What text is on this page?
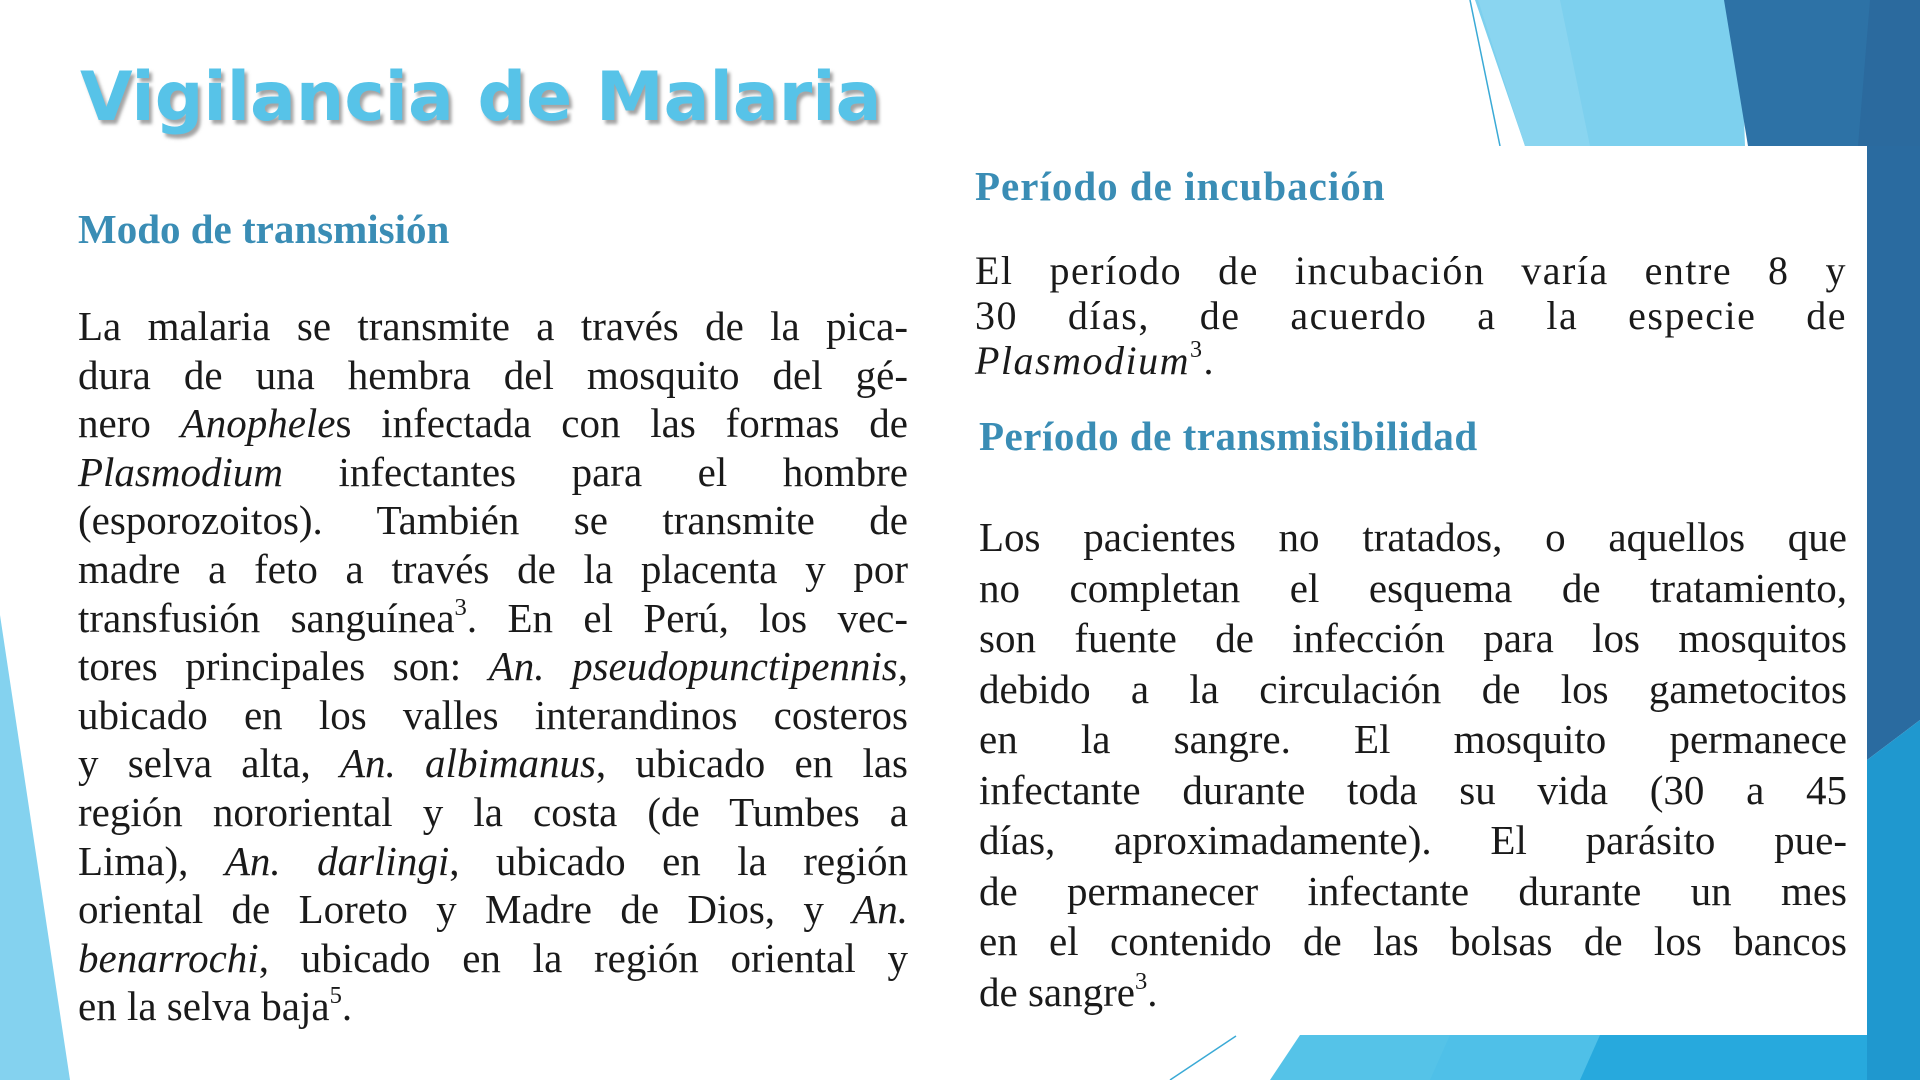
Vigilancia de Malaria
Modo de transmisión
La malaria se transmite a través de la pica-
dura de una hembra del mosquito del gé-
nero Anopheles infectada con las formas de
Plasmodium infectantes para el hombre
(esporozoitos). También se transmite de
madre a feto a través de la placenta y por
transfusión sanguínea$^3$. En el Perú, los vec-
tores principales son: An. pseudopunctipennis,
ubicado en los valles interandinos costeros
y selva alta, An. albimanus, ubicado en las
región nororiental y la costa (de Tumbes a
Lima), An. darlingi, ubicado en la región
oriental de Loreto y Madre de Dios, y An.
benarrochi, ubicado en la región oriental y
en la selva baja$^5$.
Período de incubación
El período de incubación varía entre 8 y
30 días, de acuerdo a la especie de
Plasmodium$^3$.
Período de transmisibilidad
Los pacientes no tratados, o aquellos que
no completan el esquema de tratamiento,
son fuente de infección para los mosquitos
debido a la circulación de los gametocitos
en la sangre. El mosquito permanece
infectante durante toda su vida (30 a 45
días, aproximadamente). El parásito pue-
de permanecer infectante durante un mes
en el contenido de las bolsas de los bancos
de sangre$^3$.
